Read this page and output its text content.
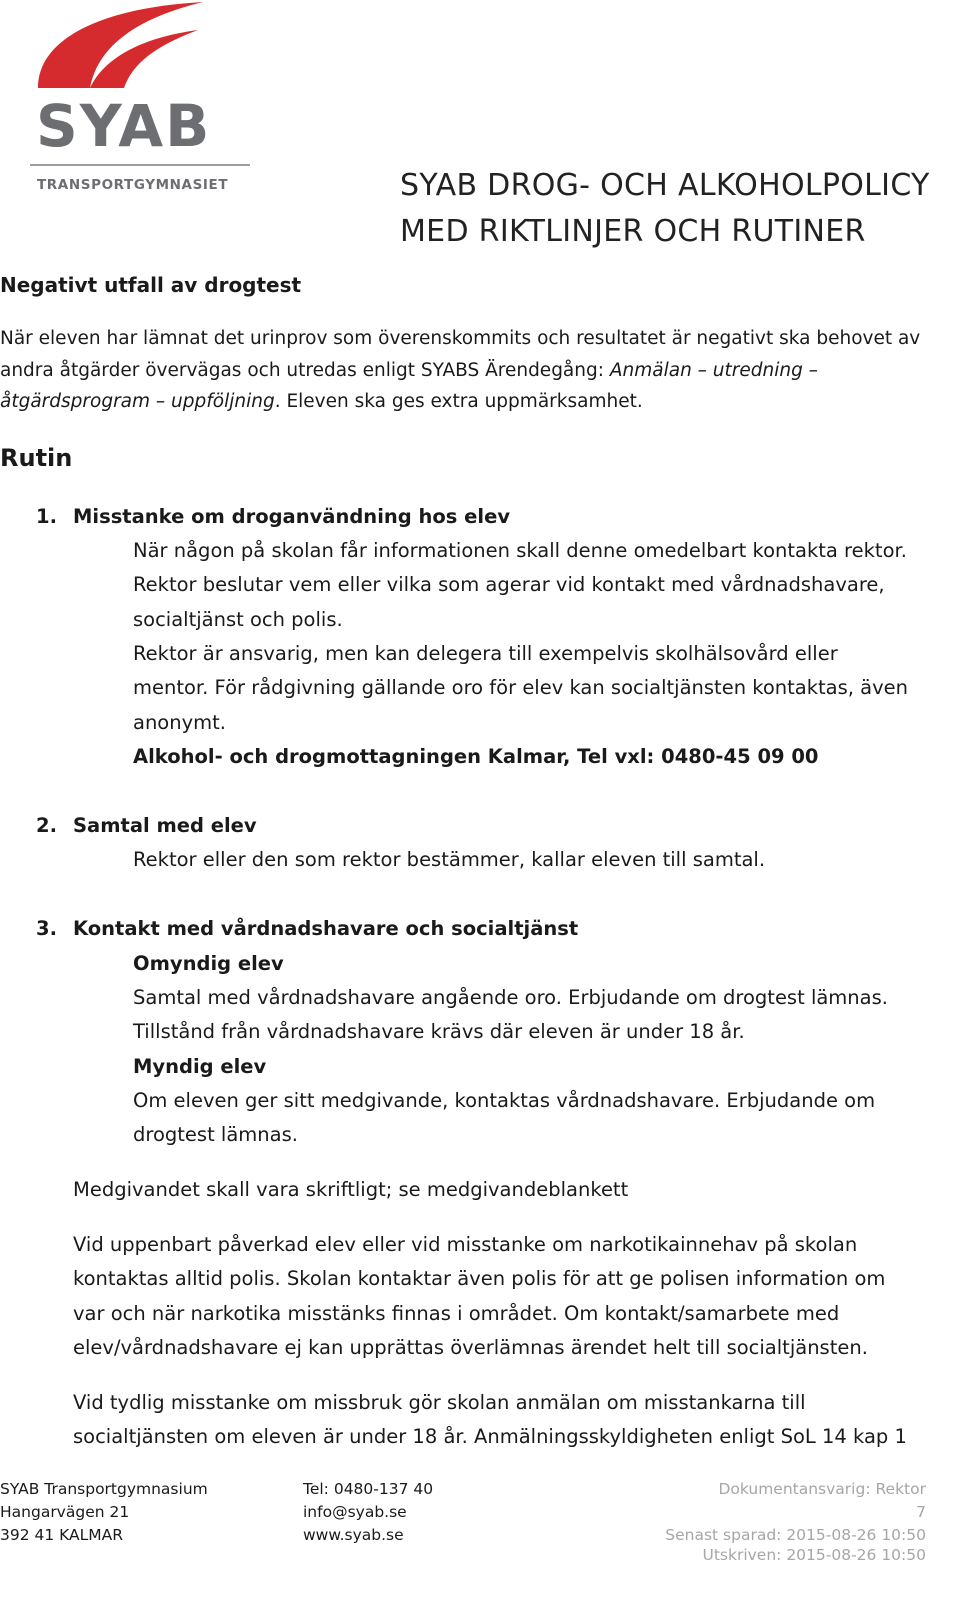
SYAB
TRANSPORTGYMNASIET	SYAB DROG- OCH ALKOHOLPOLICY
MED RIKTLINJER OCH RUTINER
Negativt utfall av drogtest
När eleven har lämnat det urinprov som överenskommits och resultatet är negativt ska behovet av
andra åtgärder övervägas och utredas enligt SYABS Ärendegång: Anmälan – utredning –
åtgärdsprogram – uppföljning. Eleven ska ges extra uppmärksamhet.
Rutin
1. Misstanke om droganvändning hos elev
När någon på skolan får informationen skall denne omedelbart kontakta rektor.
Rektor beslutar vem eller vilka som agerar vid kontakt med vårdnadshavare,
socialtjänst och polis.
Rektor är ansvarig, men kan delegera till exempelvis skolhälsovård eller
mentor. För rådgivning gällande oro för elev kan socialtjänsten kontaktas, även
anonymt.
Alkohol- och drogmottagningen Kalmar, Tel vxl: 0480-45 09 00
2. Samtal med elev
Rektor eller den som rektor bestämmer, kallar eleven till samtal.
3. Kontakt med vårdnadshavare och socialtjänst
Omyndig elev
Samtal med vårdnadshavare angående oro. Erbjudande om drogtest lämnas.
Tillstånd från vårdnadshavare krävs där eleven är under 18 år.
Myndig elev
Om eleven ger sitt medgivande, kontaktas vårdnadshavare. Erbjudande om
drogtest lämnas.
Medgivandet skall vara skriftligt; se medgivandeblankett
Vid uppenbart påverkad elev eller vid misstanke om narkotikainnehav på skolan
kontaktas alltid polis. Skolan kontaktar även polis för att ge polisen information om
var och när narkotika misstänks finnas i området. Om kontakt/samarbete med
elev/vårdnadshavare ej kan upprättas överlämnas ärendet helt till socialtjänsten.
Vid tydlig misstanke om missbruk gör skolan anmälan om misstankarna till
socialtjänsten om eleven är under 18 år. Anmälningsskyldigheten enligt SoL 14 kap 1
SYAB Transportgymnasium
Hangarvägen 21
392 41 KALMAR
Tel: 0480-137 40
info@syab.se
www.syab.se
Dokumentansvarig: Rektor
7
Senast sparad: 2015-08-26 10:50
Utskriven: 2015-08-26 10:50
